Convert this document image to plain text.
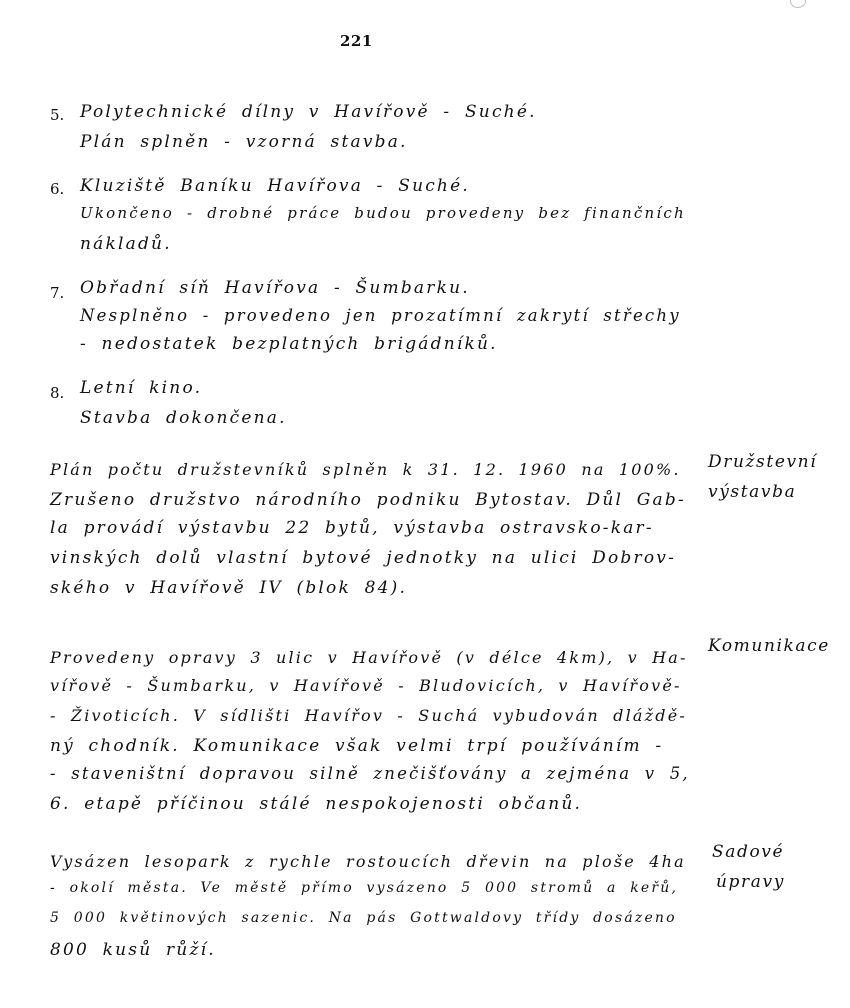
221
5. Polytechnické dílny v Havířově - Suché.
Plán splněn - vzorná stavba.
6. Kluziště Baníku Havířova - Suché.
Ukončeno - drobné práce budou provedeny bez finančních
nákladů.
7. Obřadní síň Havířova - Šumbarku.
Nesplněno - provedeno jen prozatímní zakrytí střechy
- nedostatek bezplatných brigádníků.
8. Letní kino.
Stavba dokončena.
Plán počtu družstevníků splněn k 31. 12. 1960 na 100%.
Zrušeno družstvo národního podniku Bytostav. Důl Gab-
la provádí výstavbu 22 bytů, výstavba ostravsko-kar-
vinských dolů vlastní bytové jednotky na ulici Dobrov-
ského v Havířově IV (blok 84).
Družstevní
výstavba
Provedeny opravy 3 ulic v Havířově (v délce 4km), v Ha-
vířově - Šumbarku, v Havířově - Bludovicích, v Havířově-
- Životicích. V sídlišti Havířov - Suchá vybudován dláždě-
ný chodník. Komunikace však velmi trpí používáním -
- staveništní dopravou silně znečišťovány a zejména v 5,
6. etapě příčinou stálé nespokojenosti občanů.
Komunikace
Vysázen lesopark z rychle rostoucích dřevin na ploše 4ha
- okolí města. Ve městě přímo vysázeno 5 000 stromů a keřů,
5 000 květinových sazenic. Na pás Gottwaldovy třídy dosázeno
800 kusů růží.
Sadové
úpravy
